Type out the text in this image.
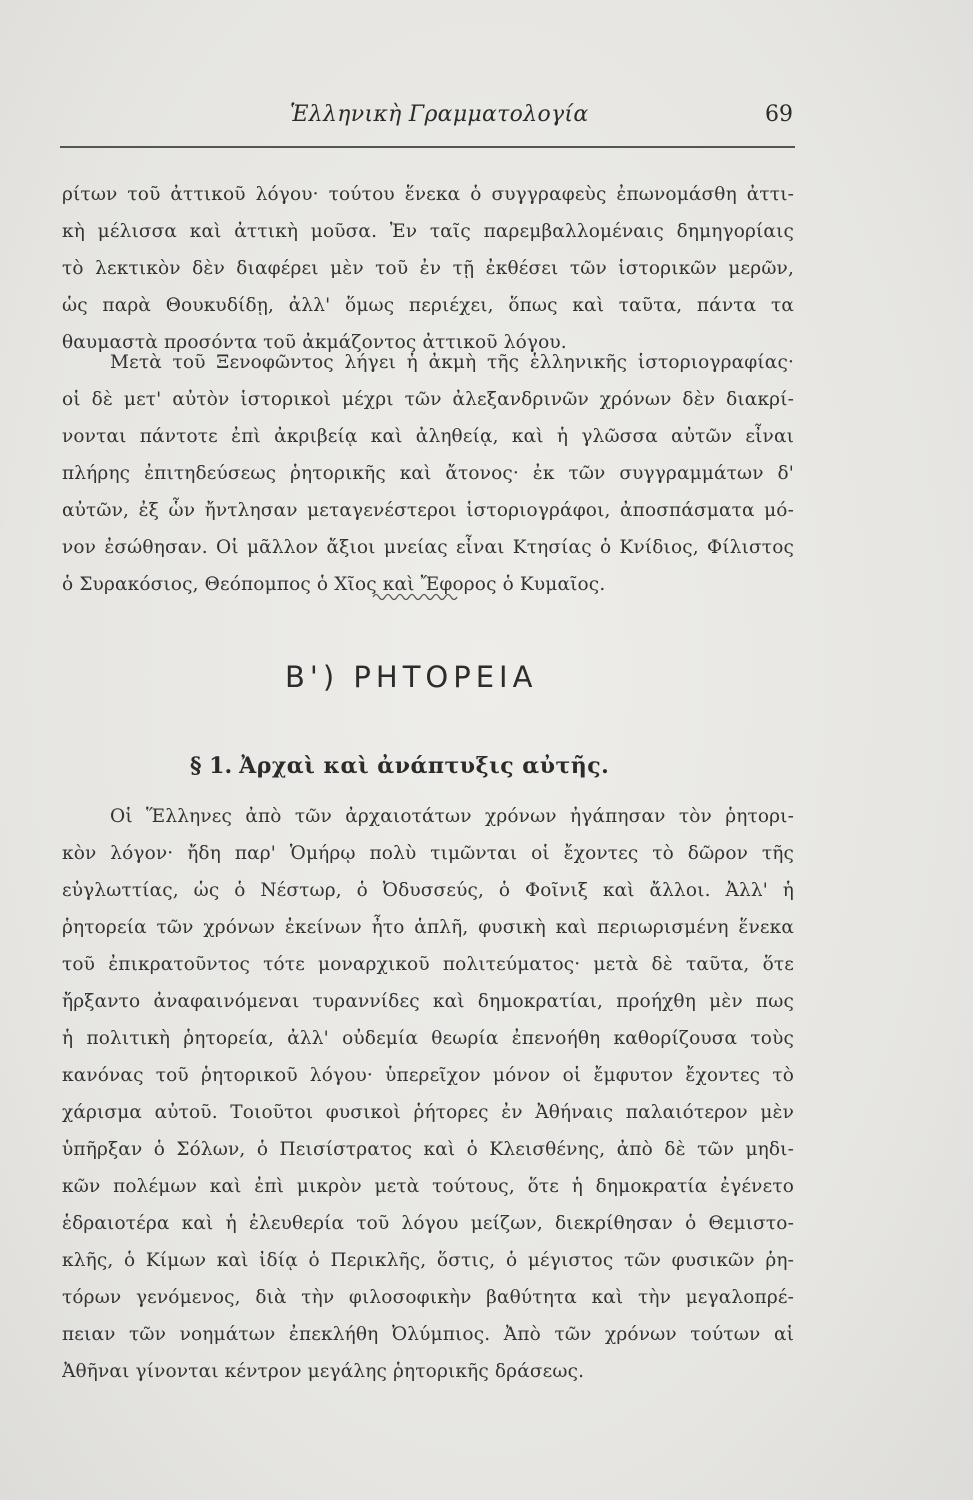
Ἑλληνικὴ Γραμματολογία	69
ρίτων τοῦ ἀττικοῦ λόγου· τούτου ἕνεκα ὁ συγγραφεὺς ἐπωνομάσθη ἀττι-
κὴ μέλισσα καὶ ἀττικὴ μοῦσα. Ἐν ταῖς παρεμβαλλομέναις δημηγορίαις
τὸ λεκτικὸν δὲν διαφέρει μὲν τοῦ ἐν τῇ ἐκθέσει τῶν ἱστορικῶν μερῶν,
ὡς παρὰ Θουκυδίδῃ, ἀλλ' ὅμως περιέχει, ὅπως καὶ ταῦτα, πάντα τα
θαυμαστὰ προσόντα τοῦ ἀκμάζοντος ἀττικοῦ λόγου.
Μετὰ τοῦ Ξενοφῶντος λήγει ἡ ἀκμὴ τῆς ἑλληνικῆς ἱστοριογραφίας·
οἱ δὲ μετ' αὐτὸν ἱστορικοὶ μέχρι τῶν ἀλεξανδρινῶν χρόνων δὲν διακρί-
νονται πάντοτε ἐπὶ ἀκριβείᾳ καὶ ἀληθείᾳ, καὶ ἡ γλῶσσα αὐτῶν εἶναι
πλήρης ἐπιτηδεύσεως ῥητορικῆς καὶ ἄτονος· ἐκ τῶν συγγραμμάτων δ'
αὐτῶν, ἐξ ὧν ἤντλησαν μεταγενέστεροι ἱστοριογράφοι, ἀποσπάσματα μό-
νον ἐσώθησαν. Οἱ μᾶλλον ἄξιοι μνείας εἶναι Κτησίας ὁ Κνίδιος, Φίλιστος
ὁ Συρακόσιος, Θεόπομπος ὁ Χῖος καὶ Ἔφορος ὁ Κυμαῖος.
Β') ΡΗΤΟΡΕΙΑ
§ 1. Ἀρχαὶ καὶ ἀνάπτυξις αὐτῆς.
Οἱ Ἕλληνες ἀπὸ τῶν ἀρχαιοτάτων χρόνων ἠγάπησαν τὸν ῥητορι-
κὸν λόγον· ἤδη παρ' Ὁμήρῳ πολὺ τιμῶνται οἱ ἔχοντες τὸ δῶρον τῆς
εὐγλωττίας, ὡς ὁ Νέστωρ, ὁ Ὀδυσσεύς, ὁ Φοῖνιξ καὶ ἄλλοι. Ἀλλ' ἡ
ῥητορεία τῶν χρόνων ἐκείνων ἦτο ἁπλῆ, φυσικὴ καὶ περιωρισμένη ἕνεκα
τοῦ ἐπικρατοῦντος τότε μοναρχικοῦ πολιτεύματος· μετὰ δὲ ταῦτα, ὅτε
ἤρξαντο ἀναφαινόμεναι τυραννίδες καὶ δημοκρατίαι, προήχθη μὲν πως
ἡ πολιτικὴ ῥητορεία, ἀλλ' οὐδεμία θεωρία ἐπενοήθη καθορίζουσα τοὺς
κανόνας τοῦ ῥητορικοῦ λόγου· ὑπερεῖχον μόνον οἱ ἔμφυτον ἔχοντες τὸ
χάρισμα αὐτοῦ. Τοιοῦτοι φυσικοὶ ῥήτορες ἐν Ἀθήναις παλαιότερον μὲν
ὑπῆρξαν ὁ Σόλων, ὁ Πεισίστρατος καὶ ὁ Κλεισθένης, ἀπὸ δὲ τῶν μηδι-
κῶν πολέμων καὶ ἐπὶ μικρὸν μετὰ τούτους, ὅτε ἡ δημοκρατία ἐγένετο
ἑδραιοτέρα καὶ ἡ ἐλευθερία τοῦ λόγου μείζων, διεκρίθησαν ὁ Θεμιστο-
κλῆς, ὁ Κίμων καὶ ἰδίᾳ ὁ Περικλῆς, ὅστις, ὁ μέγιστος τῶν φυσικῶν ῥη-
τόρων γενόμενος, διὰ τὴν φιλοσοφικὴν βαθύτητα καὶ τὴν μεγαλοπρέ-
πειαν τῶν νοημάτων ἐπεκλήθη Ὀλύμπιος. Ἀπὸ τῶν χρόνων τούτων αἱ
Ἀθῆναι γίνονται κέντρον μεγάλης ῥητορικῆς δράσεως.
